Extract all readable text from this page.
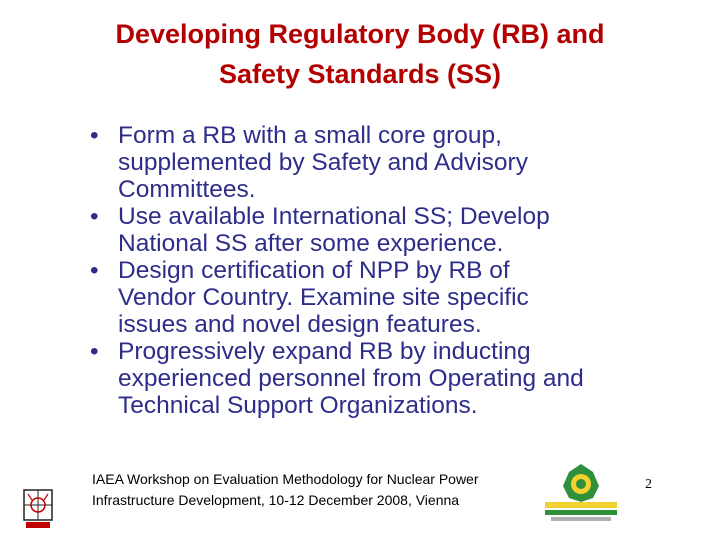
Developing Regulatory Body (RB) and
Safety Standards (SS)
• Form a RB with a small core group,
supplemented by Safety and Advisory
Committees.
• Use available International SS; Develop
National SS after some experience.
• Design certification of NPP by RB of
Vendor Country. Examine site specific
issues and novel design features.
• Progressively expand RB by inducting
experienced personnel from Operating and
Technical Support Organizations.
IAEA Workshop on Evaluation Methodology for Nuclear Power
Infrastructure Development, 10-12 December 2008, Vienna
2
